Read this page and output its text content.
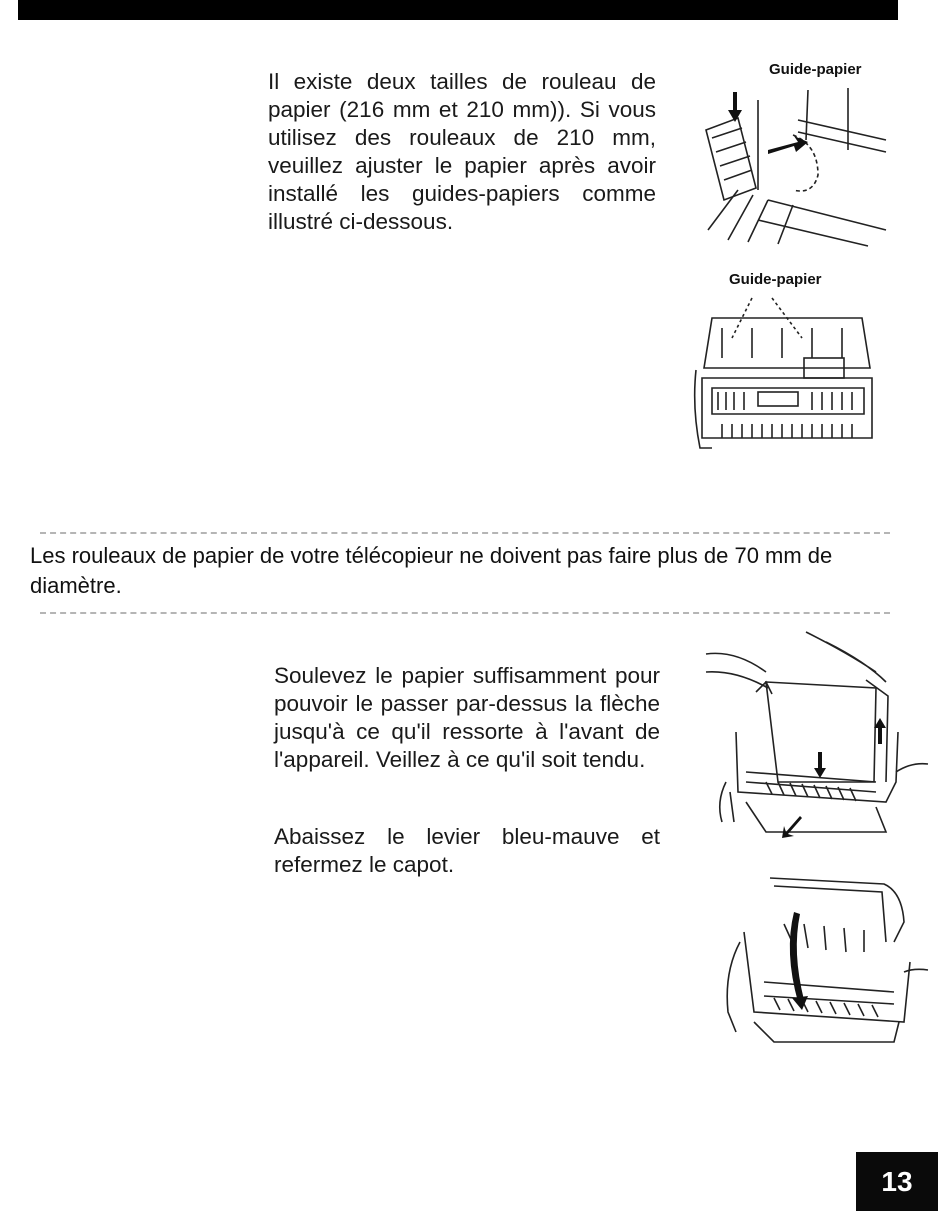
Il existe deux tailles de rouleau de papier (216 mm et 210 mm)). Si vous utilisez des rouleaux de 210 mm, veuillez ajuster le papier après avoir installé les guides-papiers comme illustré ci-dessous.
Guide-papier
Guide-papier
Les rouleaux de papier de votre télécopieur ne doivent pas faire plus de 70 mm de diamètre.
Soulevez le papier suffisamment pour pouvoir le passer par-dessus la flèche jusqu'à ce qu'il ressorte à l'avant de l'appareil. Veillez à ce qu'il soit tendu.
Abaissez le levier bleu-mauve et refermez le capot.
13
